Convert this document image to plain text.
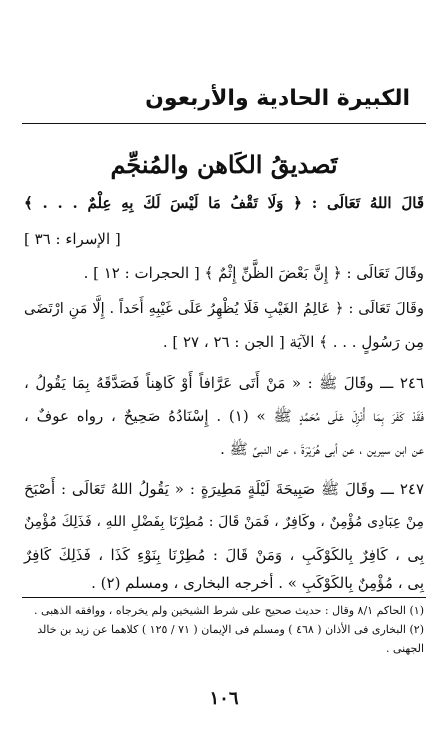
الكبيرة الحادية والأربعون
تَصديقُ الكَاهن والمُنجِّم
قَالَ اللهُ تَعَالَى : ﴿ وَلَا تَقْفُ مَا لَيْسَ لَكَ بِهِ عِلْمٌ . . . ﴾
[ الإسراء : ٣٦ ]
وقَالَ تَعَالَى : ﴿ إِنَّ بَعْضَ الظَّنِّ إِثْمٌ ﴾ [ الحجرات : ١٢ ] .
وقَالَ تَعَالَى : ﴿ عَالِمُ الغَيْبِ فَلَا يُظْهِرُ عَلَى غَيْبِهِ أَحَداً . إِلَّا مَنِ ارْتَضَى
مِن رَسُولٍ . . . ﴾ الآيَة [ الجن : ٢٦ ، ٢٧ ] .
٢٤٦ ـــ وقَالَ ﷺ : « مَنْ أَتَى عَرَّافاً أَوْ كَاهِناً فَصَدَّقَهُ بِمَا يَقُولُ ،
فَقَدْ كَفَرَ بِمَا أُنْزِلَ عَلَى مُحَمَّدٍ ﷺ » (١) . إِسْنَادُهُ صَحِيحٌ ، رواه عوفٌ ،
عن ابن سيرين ، عن أبى هُرَيْرَةَ ، عن النبىِّ ﷺ .
٢٤٧ ـــ وقَالَ ﷺ صَبِيحَةَ لَيْلَةٍ مَطِيرَةٍ : « يَقُولُ اللهُ تَعَالَى : أَصْبَحَ
مِنْ عِبَادِى مُؤْمِنٌ ، وكَافِرٌ ، فَمَنْ قَالَ : مُطِرْنَا بِفَضْلِ اللهِ ، فَذَلِكَ مُؤْمِنٌ
بِى ، كَافِرٌ بِالكَوْكَبِ ، وَمَنْ قَالَ : مُطِرْنَا بِنَوْءِ كَذَا ، فَذَلِكَ كَافِرٌ
بِى ، مُؤْمِنٌ بِالكَوْكَبِ » . أخرجه البخارى ، ومسلم (٢) .
(١) الحاكم ٨/١ وقال : حديث صحيح على شرط الشيخين ولم يخرجاه ، ووافقه الذهبى .
(٢) البخارى فى الأذان ( ٤٦٨ ) ومسلم فى الإيمان ( ٧١ / ١٢٥ ) كلاهما عن زيد بن خالد
الجهنى .
١٠٦
